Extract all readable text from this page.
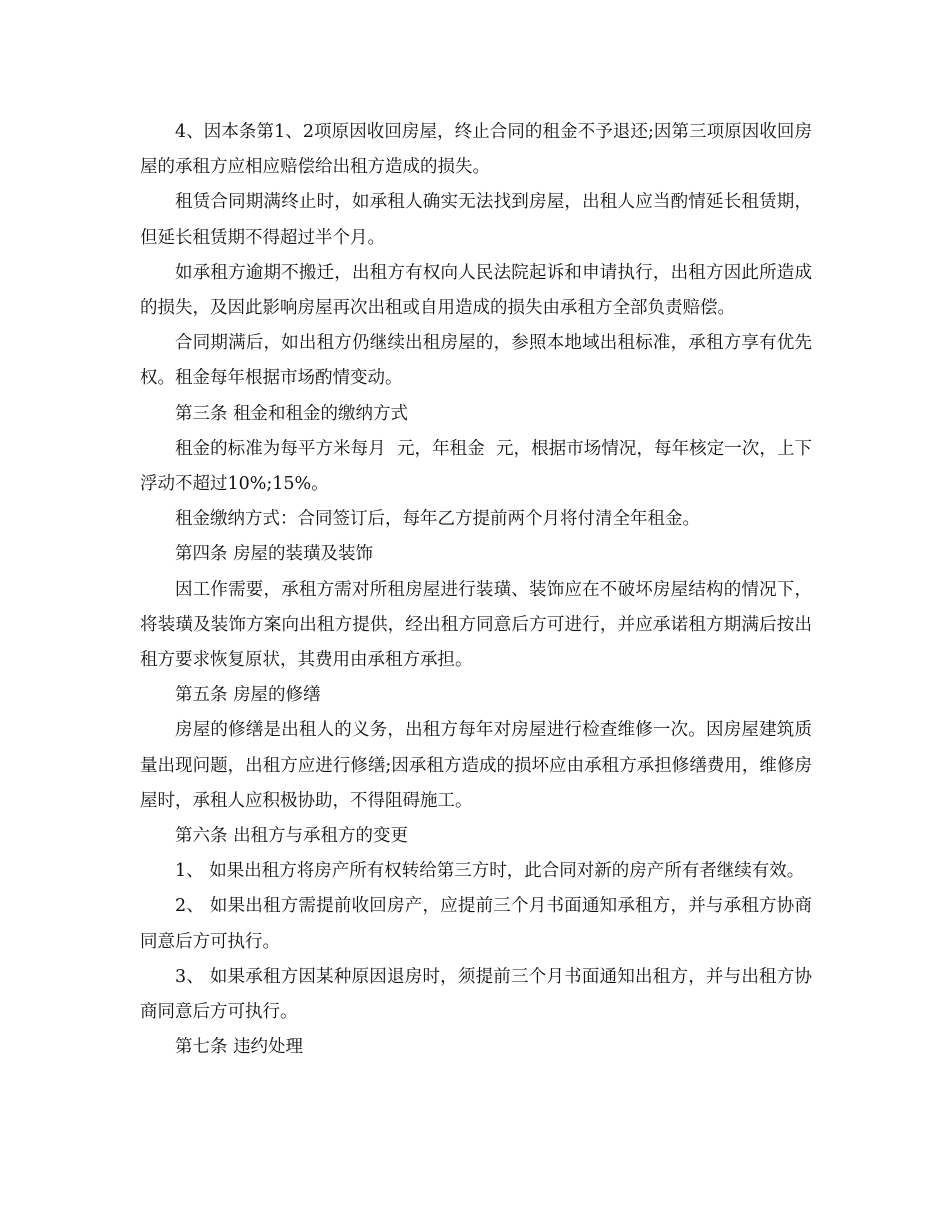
4、因本条第1、2项原因收回房屋，终止合同的租金不予退还;因第三项原因收回房屋的承租方应相应赔偿给出租方造成的损失。

租赁合同期满终止时，如承租人确实无法找到房屋，出租人应当酌情延长租赁期，但延长租赁期不得超过半个月。

如承租方逾期不搬迁，出租方有权向人民法院起诉和申请执行，出租方因此所造成的损失，及因此影响房屋再次出租或自用造成的损失由承租方全部负责赔偿。

合同期满后，如出租方仍继续出租房屋的，参照本地域出租标准，承租方享有优先权。租金每年根据市场酌情变动。

第三条 租金和租金的缴纳方式

租金的标准为每平方米每月  元，年租金  元，根据市场情况，每年核定一次，上下浮动不超过10%;15%。

租金缴纳方式：合同签订后，每年乙方提前两个月将付清全年租金。

第四条 房屋的装璜及装饰

因工作需要，承租方需对所租房屋进行装璜、装饰应在不破坏房屋结构的情况下，将装璜及装饰方案向出租方提供，经出租方同意后方可进行，并应承诺租方期满后按出租方要求恢复原状，其费用由承租方承担。

第五条 房屋的修缮

房屋的修缮是出租人的义务，出租方每年对房屋进行检查维修一次。因房屋建筑质量出现问题，出租方应进行修缮;因承租方造成的损坏应由承租方承担修缮费用，维修房屋时，承租人应积极协助，不得阻碍施工。

第六条 出租方与承租方的变更

1、 如果出租方将房产所有权转给第三方时，此合同对新的房产所有者继续有效。

2、 如果出租方需提前收回房产，应提前三个月书面通知承租方，并与承租方协商同意后方可执行。

3、 如果承租方因某种原因退房时，须提前三个月书面通知出租方，并与出租方协商同意后方可执行。

第七条 违约处理
